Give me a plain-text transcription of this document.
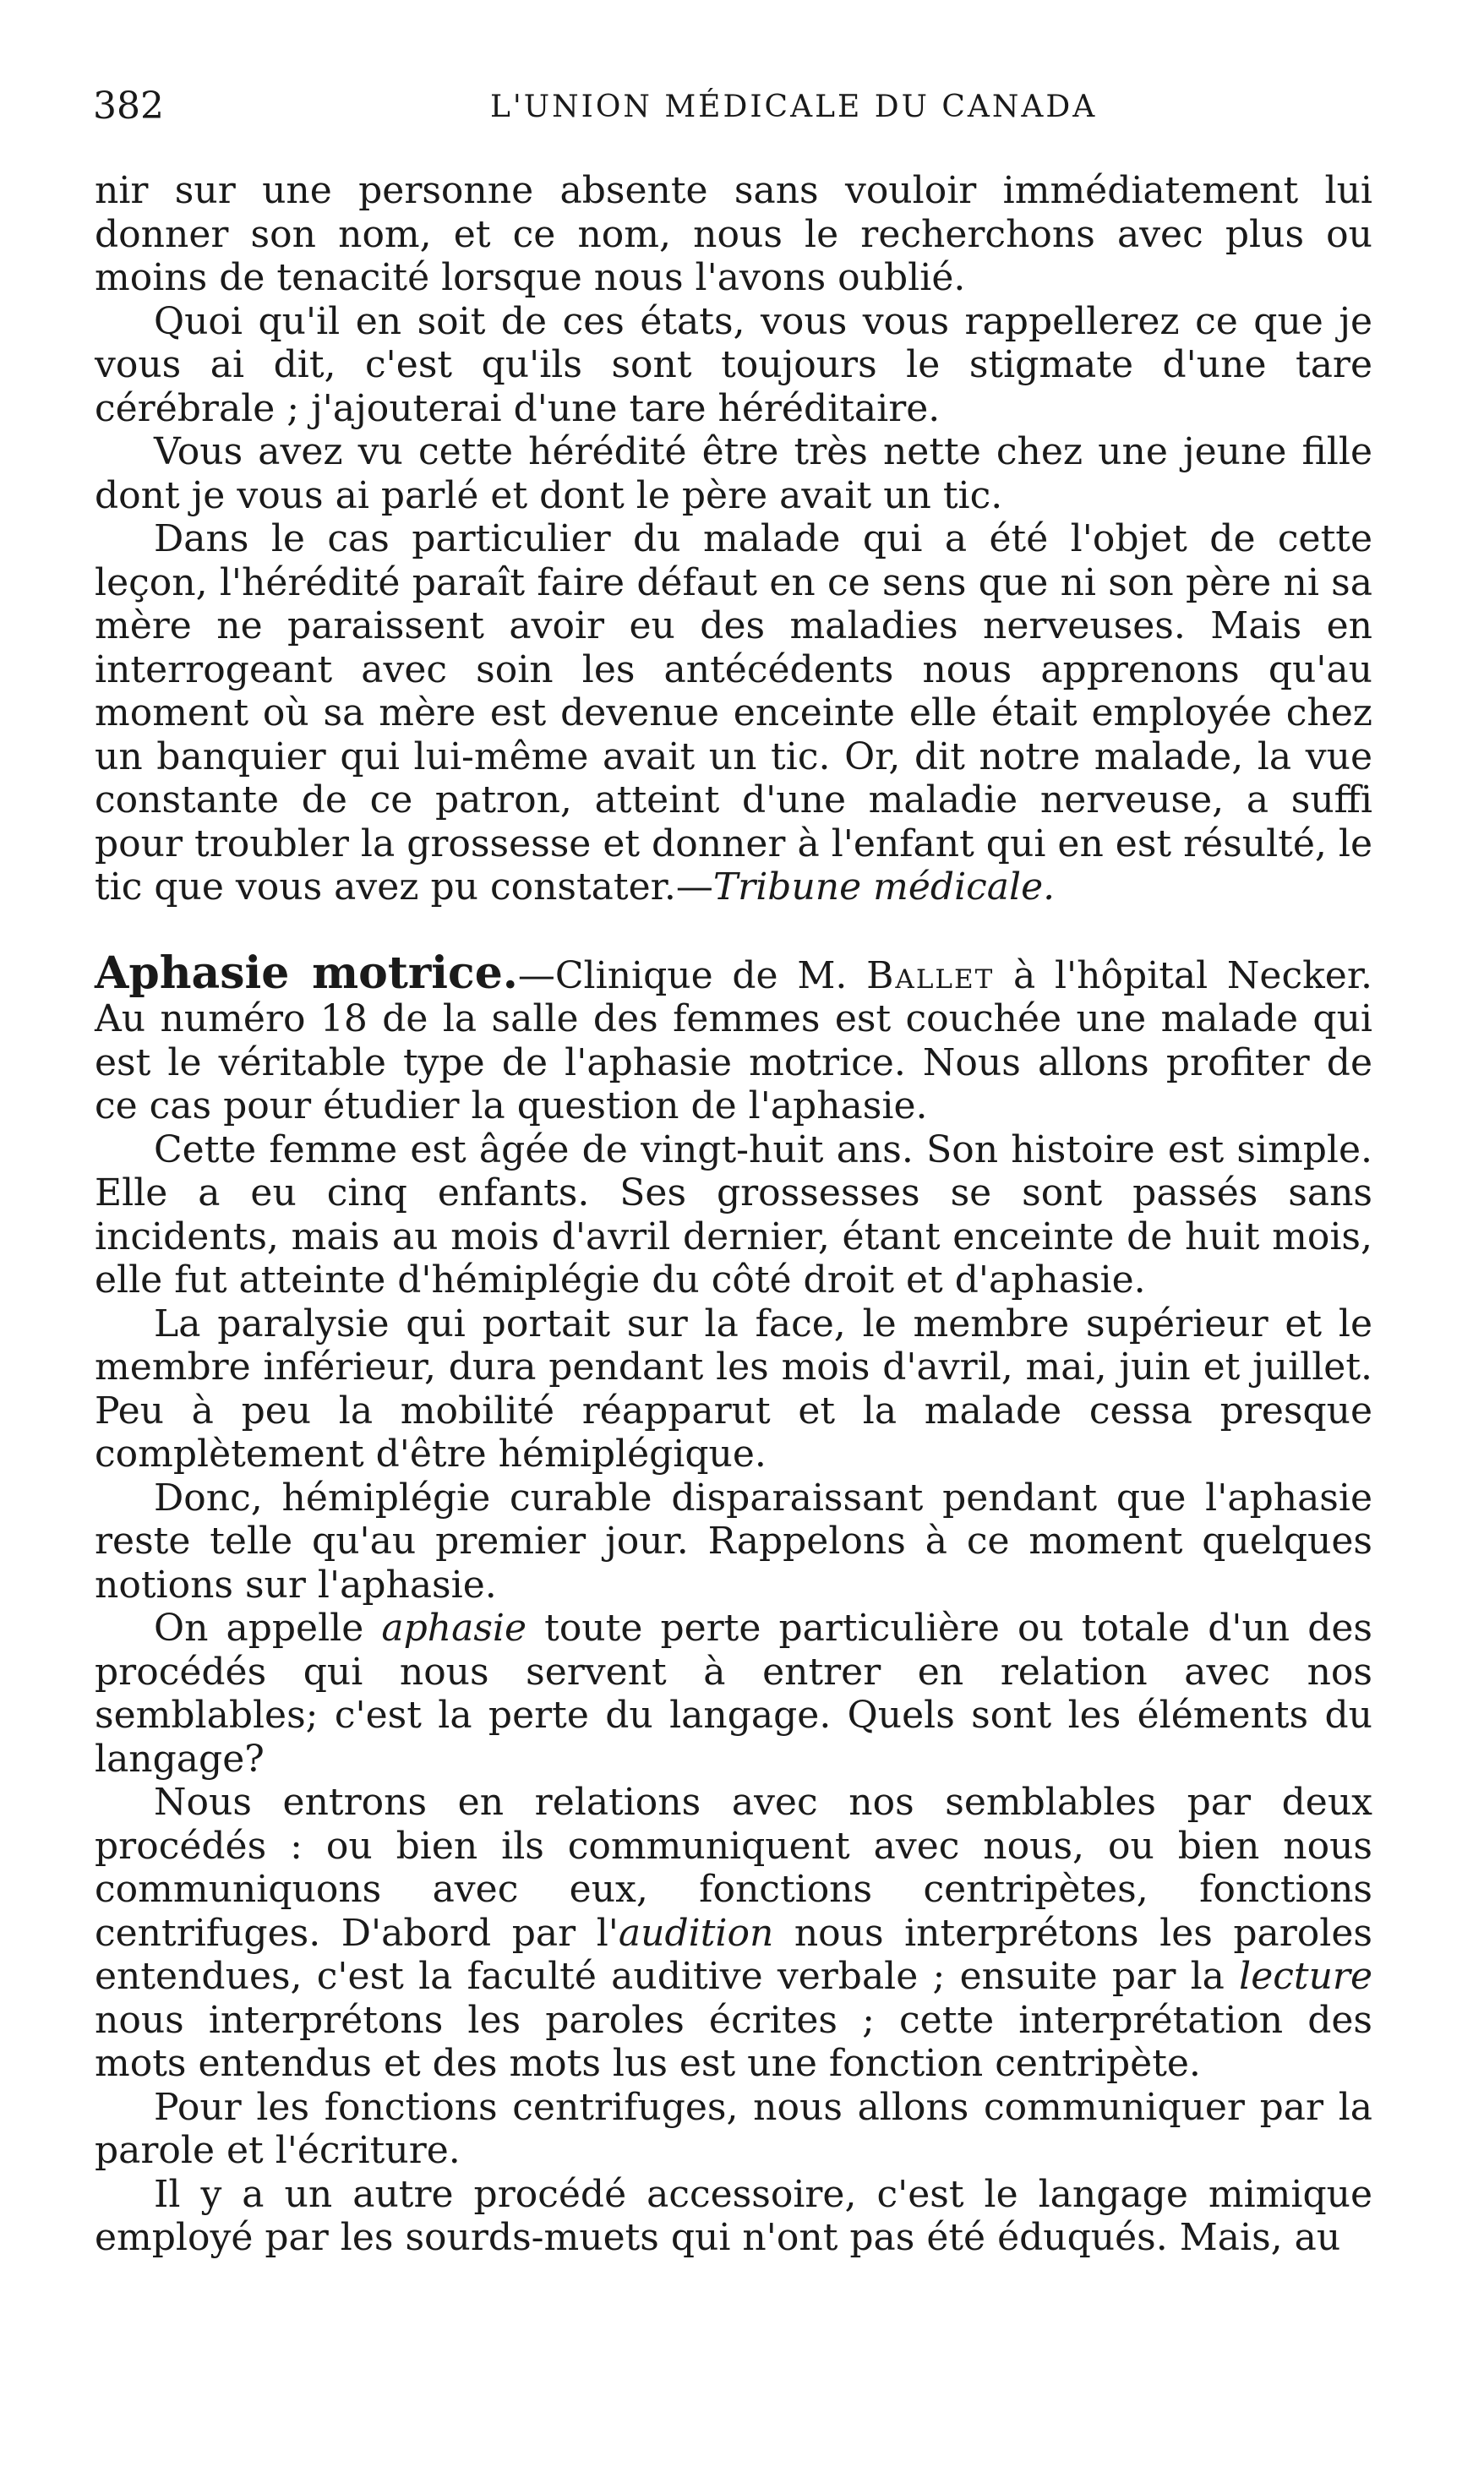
382	L'UNION MÉDICALE DU CANADA

nir sur une personne absente sans vouloir immédiatement lui donner son nom, et ce nom, nous le recherchons avec plus ou moins de tenacité lorsque nous l'avons oublié.

Quoi qu'il en soit de ces états, vous vous rappellerez ce que je vous ai dit, c'est qu'ils sont toujours le stigmate d'une tare cérébrale ; j'ajouterai d'une tare héréditaire.

Vous avez vu cette hérédité être très nette chez une jeune fille dont je vous ai parlé et dont le père avait un tic.

Dans le cas particulier du malade qui a été l'objet de cette leçon, l'hérédité paraît faire défaut en ce sens que ni son père ni sa mère ne paraissent avoir eu des maladies nerveuses. Mais en interrogeant avec soin les antécédents nous apprenons qu'au moment où sa mère est devenue enceinte elle était employée chez un banquier qui lui-même avait un tic. Or, dit notre malade, la vue constante de ce patron, atteint d'une maladie nerveuse, a suffi pour troubler la grossesse et donner à l'enfant qui en est résulté, le tic que vous avez pu constater.—Tribune médicale.

Aphasie motrice.—Clinique de M. Ballet à l'hôpital Necker. Au numéro 18 de la salle des femmes est couchée une malade qui est le véritable type de l'aphasie motrice. Nous allons profiter de ce cas pour étudier la question de l'aphasie.

Cette femme est âgée de vingt-huit ans. Son histoire est simple. Elle a eu cinq enfants. Ses grossesses se sont passés sans incidents, mais au mois d'avril dernier, étant enceinte de huit mois, elle fut atteinte d'hémiplégie du côté droit et d'aphasie.

La paralysie qui portait sur la face, le membre supérieur et le membre inférieur, dura pendant les mois d'avril, mai, juin et juillet. Peu à peu la mobilité réapparut et la malade cessa presque complètement d'être hémiplégique.

Donc, hémiplégie curable disparaissant pendant que l'aphasie reste telle qu'au premier jour. Rappelons à ce moment quelques notions sur l'aphasie.

On appelle aphasie toute perte particulière ou totale d'un des procédés qui nous servent à entrer en relation avec nos semblables; c'est la perte du langage. Quels sont les éléments du langage?

Nous entrons en relations avec nos semblables par deux procédés : ou bien ils communiquent avec nous, ou bien nous communiquons avec eux, fonctions centripètes, fonctions centrifuges. D'abord par l'audition nous interprétons les paroles entendues, c'est la faculté auditive verbale ; ensuite par la lecture nous interprétons les paroles écrites ; cette interprétation des mots entendus et des mots lus est une fonction centripète.

Pour les fonctions centrifuges, nous allons communiquer par la parole et l'écriture.

Il y a un autre procédé accessoire, c'est le langage mimique employé par les sourds-muets qui n'ont pas été éduqués. Mais, au
